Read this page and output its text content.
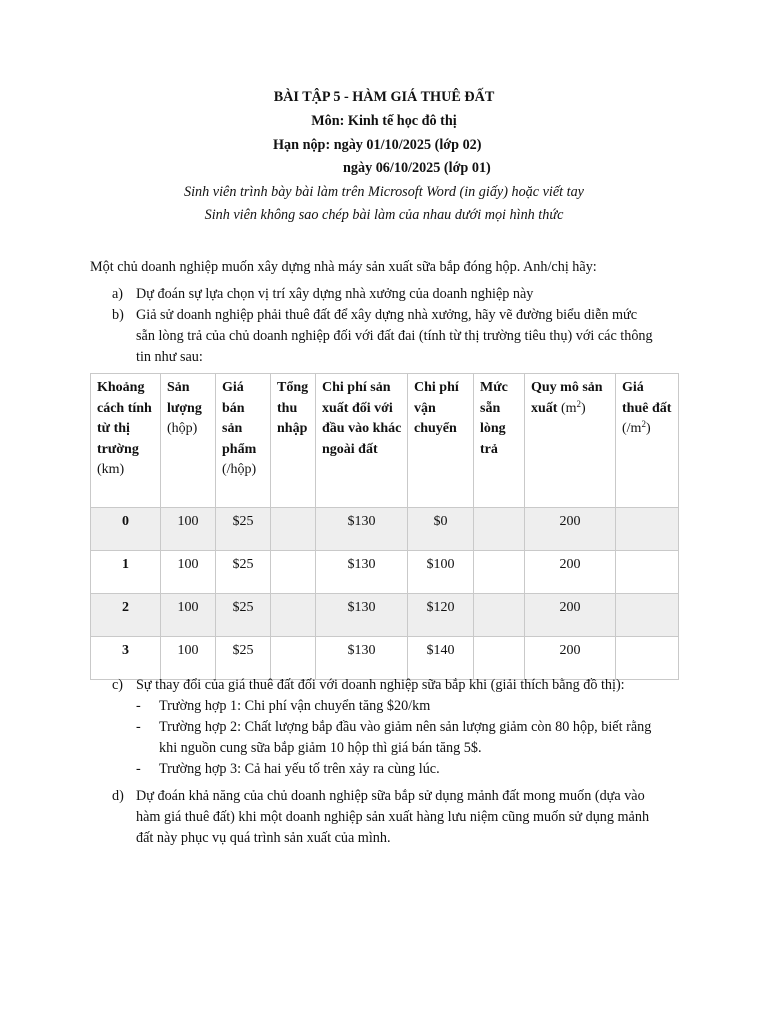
BÀI TẬP 5 - HÀM GIÁ THUÊ ĐẤT
Môn: Kinh tế học đô thị
Hạn nộp: ngày 01/10/2025 (lớp 02)
ngày 06/10/2025 (lớp 01)
Sinh viên trình bày bài làm trên Microsoft Word (in giấy) hoặc viết tay
Sinh viên không sao chép bài làm của nhau dưới mọi hình thức
Một chủ doanh nghiệp muốn xây dựng nhà máy sản xuất sữa bắp đóng hộp. Anh/chị hãy:
a) Dự đoán sự lựa chọn vị trí xây dựng nhà xưởng của doanh nghiệp này
b) Giả sử doanh nghiệp phải thuê đất để xây dựng nhà xưởng, hãy vẽ đường biểu diễn mức
sẵn lòng trả của chủ doanh nghiệp đối với đất đai (tính từ thị trường tiêu thụ) với các thông
tin như sau:
Khoảng cách tính từ thị trường (km)	Sản lượng (hộp)	Giá bán sản phẩm (/hộp)	Tổng thu nhập	Chi phí sản xuất đối với đầu vào khác ngoài đất	Chi phí vận chuyển	Mức sẵn lòng trả	Quy mô sản xuất $(m^2)$	Giá thuê đất $(/m^2)$
0	100	$25		$130	$0		200	
1	100	$25		$130	$100		200	
2	100	$25		$130	$120		200	
3	100	$25		$130	$140		200	
c) Sự thay đổi của giá thuê đất đối với doanh nghiệp sữa bắp khi (giải thích bằng đồ thị):
- Trường hợp 1: Chi phí vận chuyển tăng $20/km
- Trường hợp 2: Chất lượng bắp đầu vào giảm nên sản lượng giảm còn 80 hộp, biết rằng
khi nguồn cung sữa bắp giảm 10 hộp thì giá bán tăng 5$.
- Trường hợp 3: Cả hai yếu tố trên xảy ra cùng lúc.
d) Dự đoán khả năng của chủ doanh nghiệp sữa bắp sử dụng mảnh đất mong muốn (dựa vào
hàm giá thuê đất) khi một doanh nghiệp sản xuất hàng lưu niệm cũng muốn sử dụng mảnh
đất này phục vụ quá trình sản xuất của mình.
